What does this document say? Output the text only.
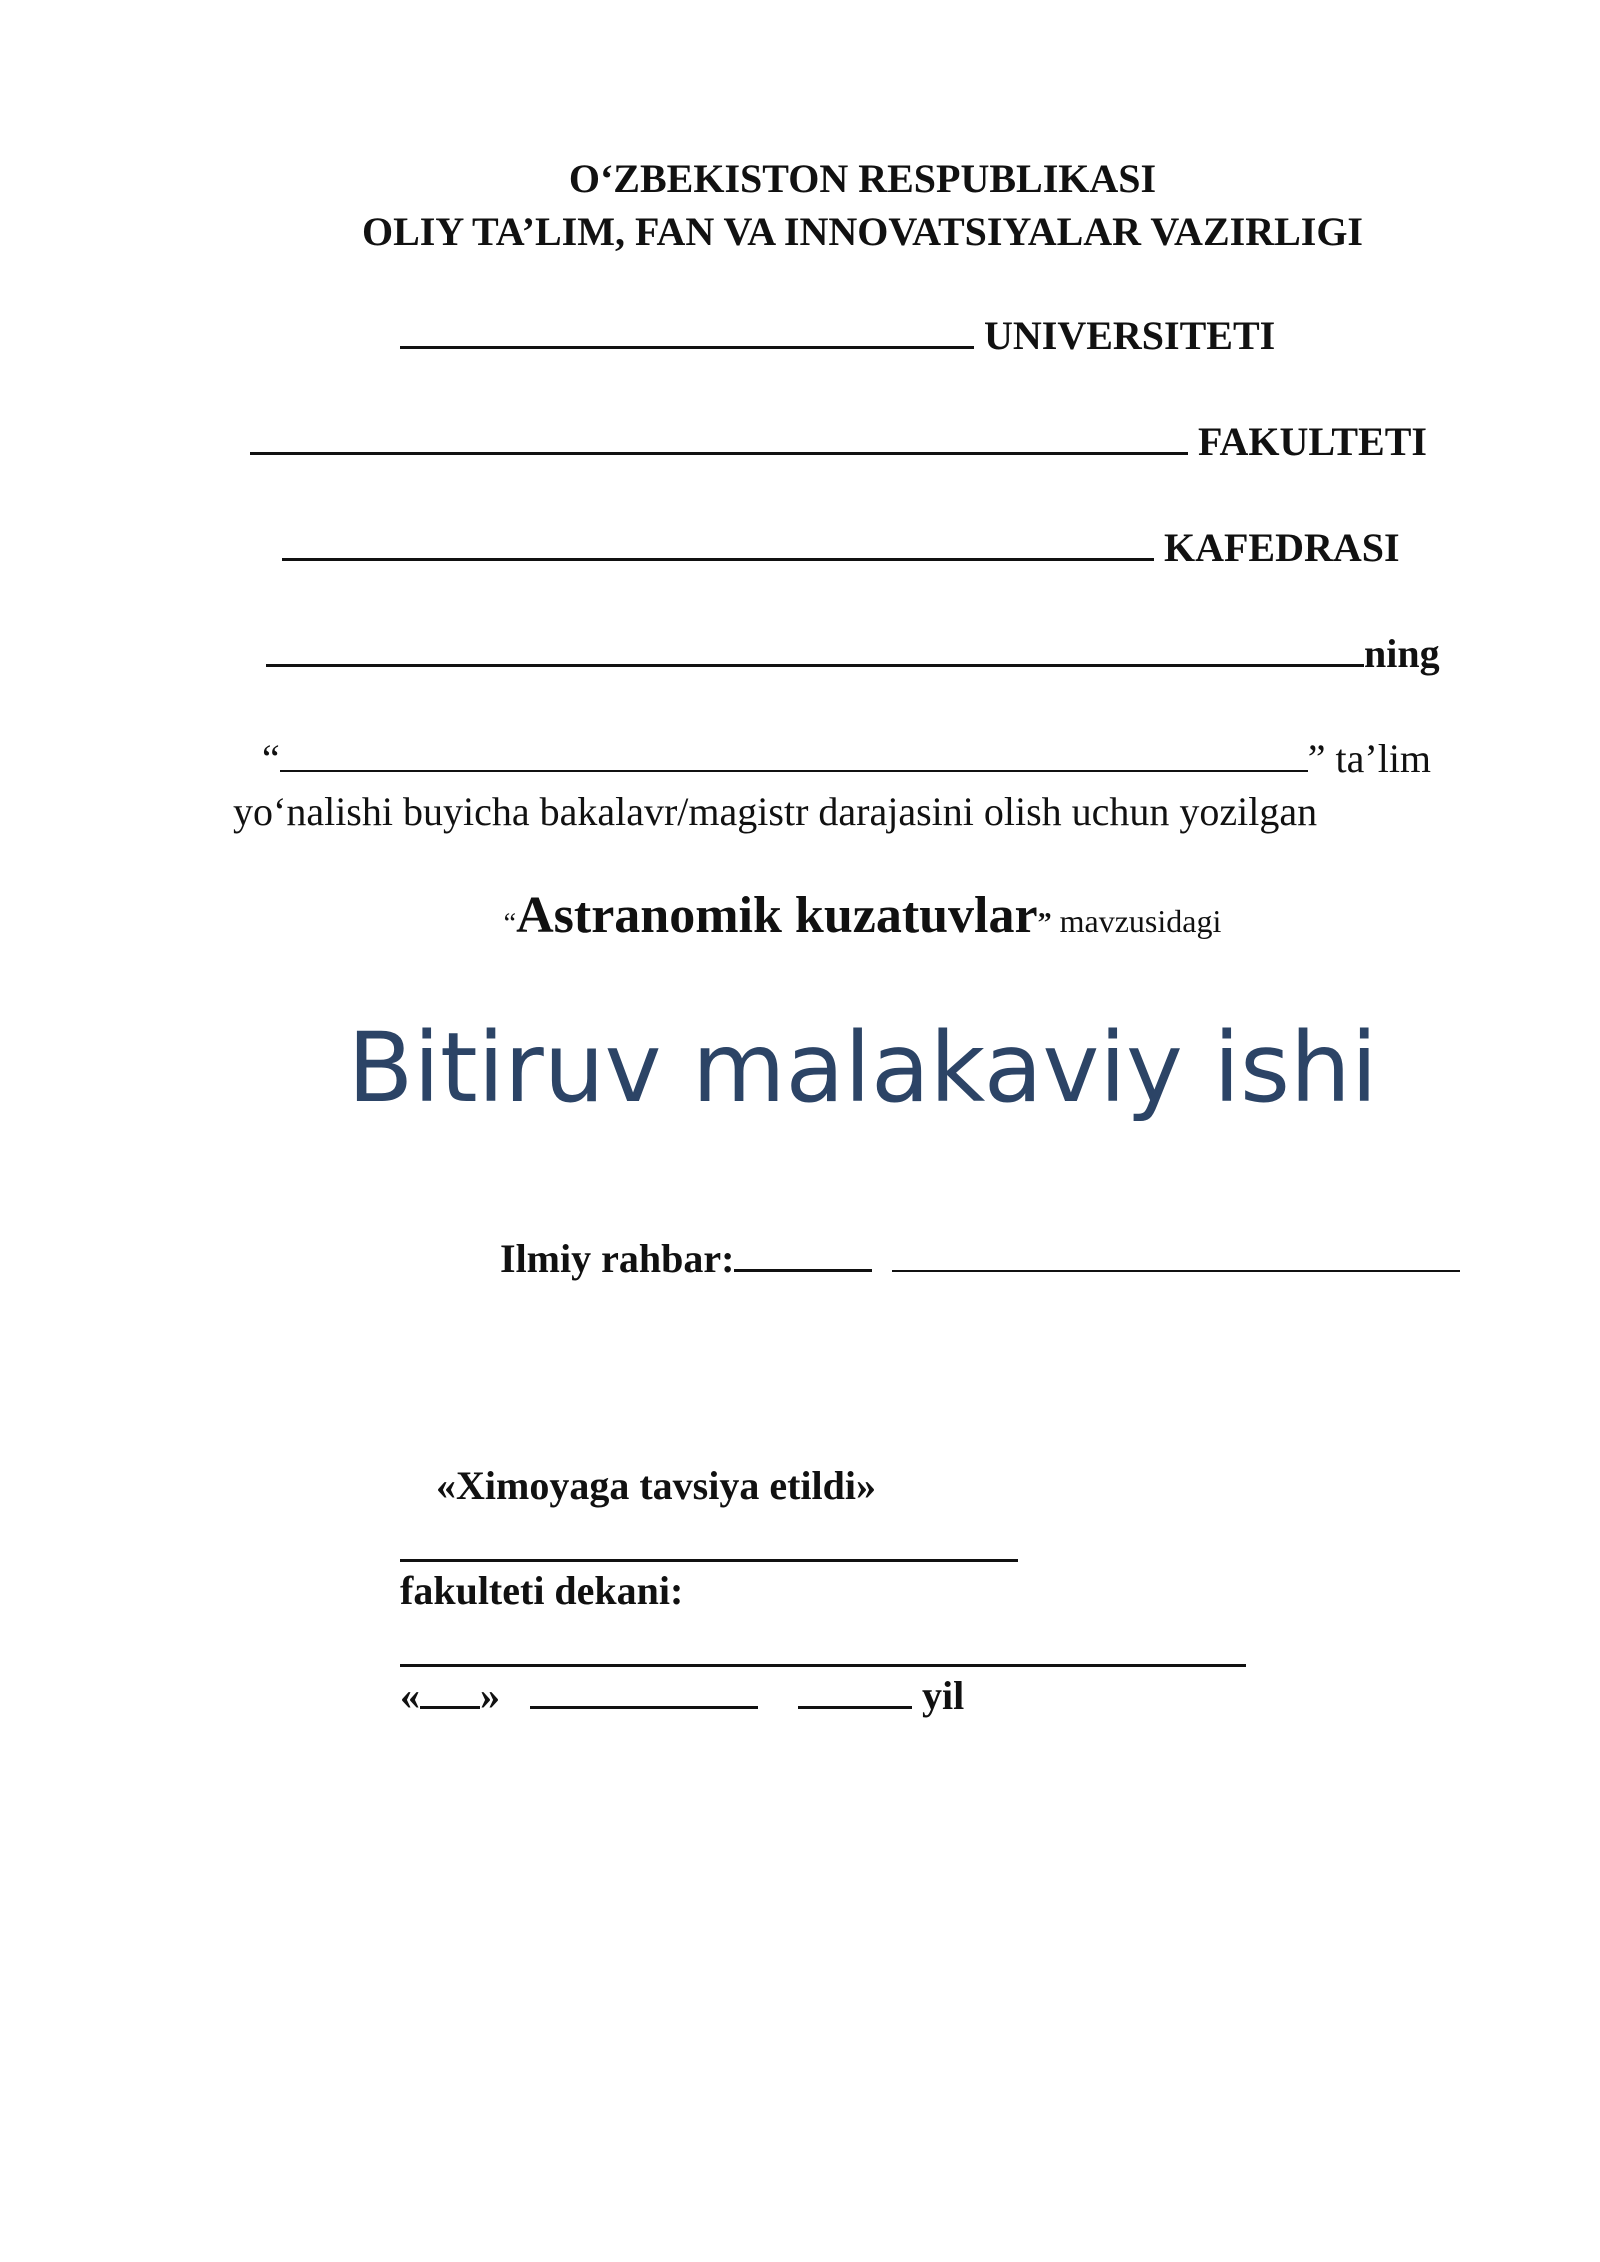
O‘ZBEKISTON RESPUBLIKASI
OLIY TA’LIM, FAN VA INNOVATSIYALAR VAZIRLIGI
UNIVERSITETI
FAKULTETI
KAFEDRASI
ning
“	” ta’lim
yo‘nalishi buyicha bakalavr/magistr darajasini olish uchun yozilgan
“Astranomik kuzatuvlar” mavzusidagi
Bitiruv malakaviy ishi
Ilmiy rahbar:
«Ximoyaga tavsiya etildi»
fakulteti dekani:
« »	yil
